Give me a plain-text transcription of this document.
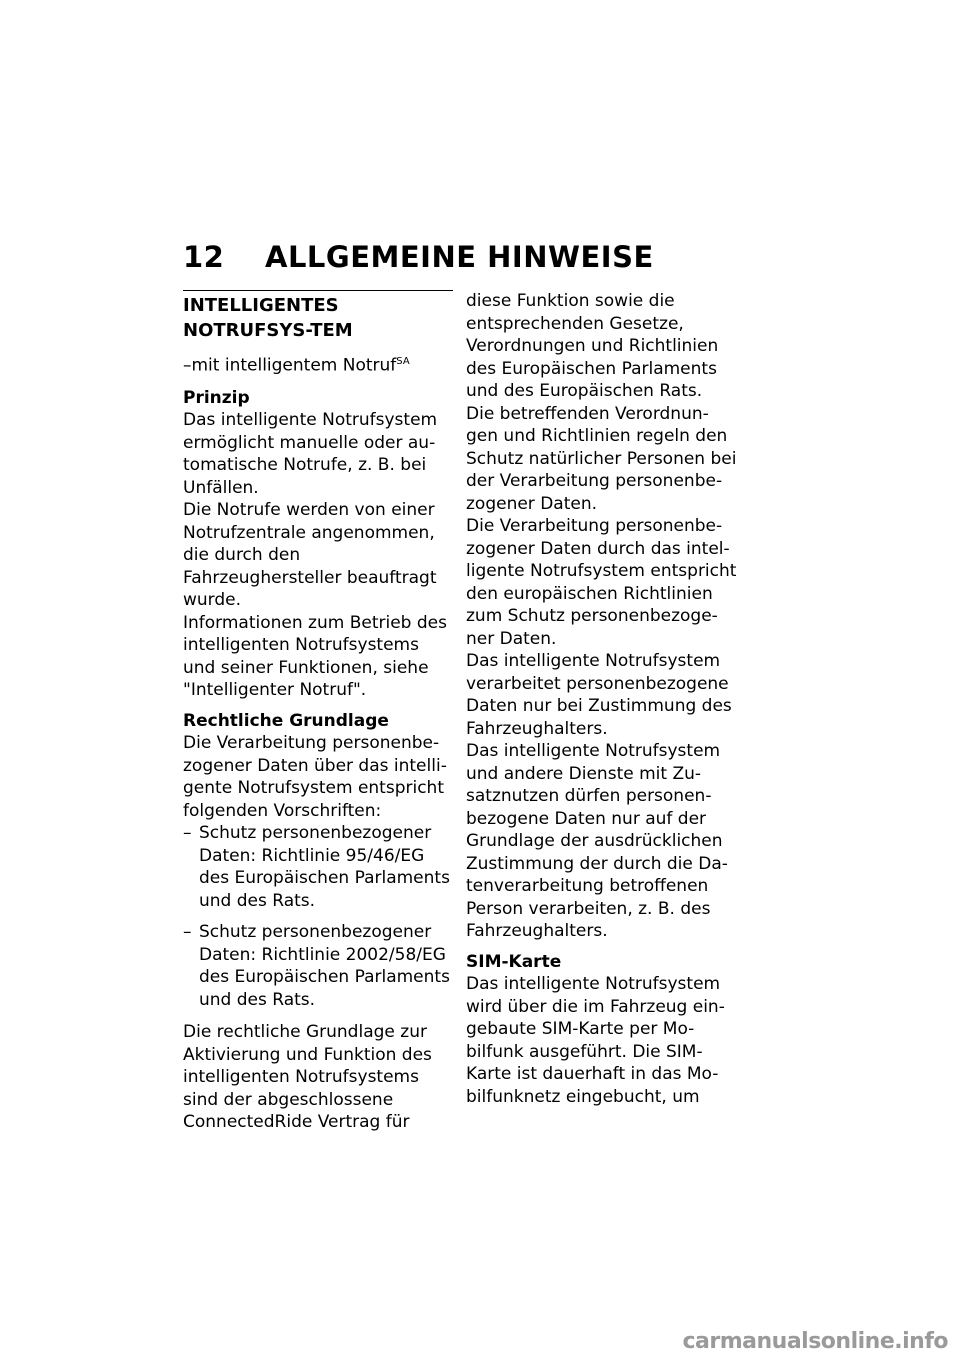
12	ALLGEMEINE HINWEISE
INTELLIGENTES NOTRUFSYS-TEM
–mit intelligentem Notruf$^{SA}$
Prinzip

Das intelligente Notrufsystem ermöglicht manuelle oder au-tomatische Notrufe, z. B. bei Unfällen.

Die Notrufe werden von einer Notrufzentrale angenommen, die durch den Fahrzeughersteller beauftragt wurde.

Informationen zum Betrieb des intelligenten Notrufsystems und seiner Funktionen, siehe "Intelligenter Notruf".

Rechtliche Grundlage

Die Verarbeitung personenbe-zogener Daten über das intelli-gente Notrufsystem entspricht folgenden Vorschriften:

– Schutz personenbezogener Daten: Richtlinie 95/46/EG des Europäischen Parlaments und des Rats.
– Schutz personenbezogener Daten: Richtlinie 2002/58/EG des Europäischen Parlaments und des Rats.

Die rechtliche Grundlage zur Aktivierung und Funktion des intelligenten Notrufsystems sind der abgeschlossene ConnectedRide Vertrag für

diese Funktion sowie die entsprechenden Gesetze, Verordnungen und Richtlinien des Europäischen Parlaments und des Europäischen Rats.

Die betreffenden Verordnun-gen und Richtlinien regeln den Schutz natürlicher Personen bei der Verarbeitung personenbe-zogener Daten.

Die Verarbeitung personenbe-zogener Daten durch das intel-ligente Notrufsystem entspricht den europäischen Richtlinien zum Schutz personenbezoge-ner Daten.

Das intelligente Notrufsystem verarbeitet personenbezogene Daten nur bei Zustimmung des Fahrzeughalters.

Das intelligente Notrufsystem und andere Dienste mit Zu-satznutzen dürfen personen-bezogene Daten nur auf der Grundlage der ausdrücklichen Zustimmung der durch die Da-tenverarbeitung betroffenen Person verarbeiten, z. B. des Fahrzeughalters.

SIM-Karte

Das intelligente Notrufsystem wird über die im Fahrzeug ein-gebaute SIM-Karte per Mo-bilfunk ausgeführt. Die SIM-Karte ist dauerhaft in das Mo-bilfunknetz eingebucht, um

carmanualsonline.info
